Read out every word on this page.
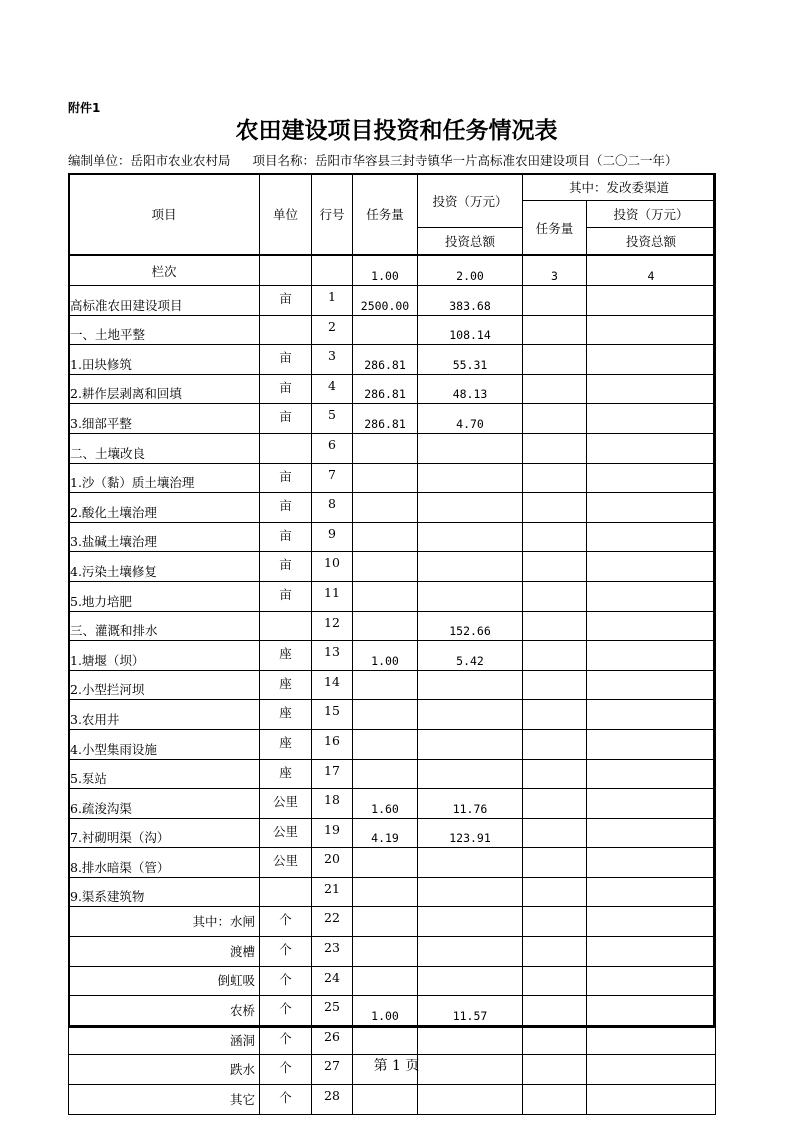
附件1
农田建设项目投资和任务情况表
编制单位：岳阳市农业农村局 项目名称：岳阳市华容县三封寺镇华一片高标准农田建设项目（二〇二一年）
项目	单位	行号	任务量	投资（万元）	其中：发改委渠道	
					任务量	投资（万元）
				投资总额		投资总额
栏次			1.00	2.00	3	4
高标准农田建设项目	亩	1	2500.00	383.68		
一、土地平整		2		108.14		
1.田块修筑	亩	3	286.81	55.31		
2.耕作层剥离和回填	亩	4	286.81	48.13		
3.细部平整	亩	5	286.81	4.70		
二、土壤改良		6				
1.沙（黏）质土壤治理	亩	7				
2.酸化土壤治理	亩	8				
3.盐碱土壤治理	亩	9				
4.污染土壤修复	亩	10				
5.地力培肥	亩	11				
三、灌溉和排水		12		152.66		
1.塘堰（坝）	座	13	1.00	5.42		
2.小型拦河坝	座	14				
3.农用井	座	15				
4.小型集雨设施	座	16				
5.泵站	座	17				
6.疏浚沟渠	公里	18	1.60	11.76		
7.衬砌明渠（沟）	公里	19	4.19	123.91		
8.排水暗渠（管）	公里	20				
9.渠系建筑物		21				
其中：水闸	个	22				
渡槽	个	23				
倒虹吸	个	24				
农桥	个	25	1.00	11.57		
涵洞	个	26				
跌水	个	27				
其它	个	28				
第 1 页
